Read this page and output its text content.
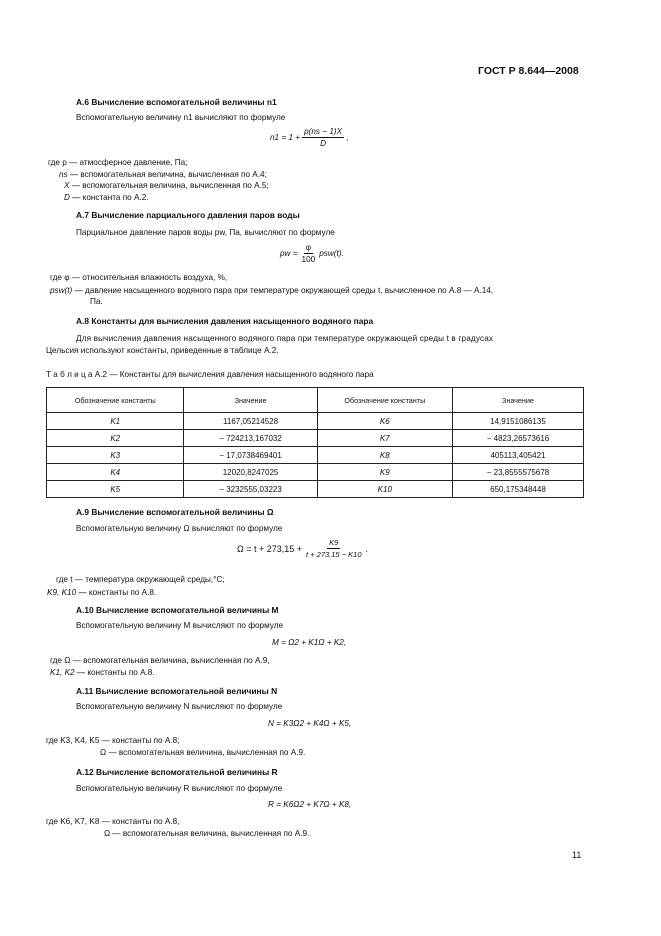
ГОСТ Р 8.644—2008
А.6 Вычисление вспомогательной величины n1
Вспомогательную величину n1 вычисляют по формуле
$n1 = 1 + \frac{p(ns - 1)X}{D}$ ,
где p — атмосферное давление, Па;
ns — вспомогательная величина, вычисленная по А.4;
X — вспомогательная величина, вычисленная по А.5;
D — константа по А.2.
А.7 Вычисление парциального давления паров воды
Парциальное давление паров воды pw, Па, вычисляют по формуле
pw = $\frac{\varphi}{100} psw(t)$.
где φ — относительная влажность воздуха, %,
psw(t) — давление насыщенного водяного пара при температуре окружающей среды t, вычисленное по А.8 — А.14,
Па.
А.8 Константы для вычисления давления насыщенного водяного пара
Для вычисления давления насыщенного водяного пара при температуре окружающей среды t в градусах
Цельсия используют константы, приведенные в таблице А.2.
Т а б л и ц а А.2 — Константы для вычисления давления насыщенного водяного пара
Обозначение константы	Значение	Обозначение константы	Значение
K1	1167,05214528	K6	14,9151086135
K2	− 724213,167032	K7	− 4823,26573616
K3	− 17,0738469401	K8	405113,405421
K4	12020,8247025	K9	− 23,8555575678
K5	− 3232555,03223	K10	650,175348448
А.9 Вычисление вспомогательной величины Ω
Вспомогательную величину Ω вычисляют по формуле
$\Omega = t + 273,15 + \frac{K9}{t + 273,15 - K10}$ .
где t — температура окружающей среды,°С;
K9, K10 — константы по А.8.
А.10 Вычисление вспомогательной величины M
Вспомогательную величину M вычисляют по формуле
M = Ω2 + K1Ω + K2,
где Ω — вспомогательная величина, вычисленная по А.9,
K1, K2 — константы по А.8.
А.11 Вычисление вспомогательной величины N
Вспомогательную величину N вычисляют по формуле
N = K3Ω2 + K4Ω + K5,
где K3, K4, K5 — константы по А.8;
Ω — вспомогательная величина, вычисленная по А.9.
А.12 Вычисление вспомогательной величины R
Вспомогательную величину R вычисляют по формуле
R = K6Ω2 + K7Ω + K8,
где K6, K7, K8 — константы по А.8,
Ω — вспомогательная величина, вычисленная по А.9.
11
